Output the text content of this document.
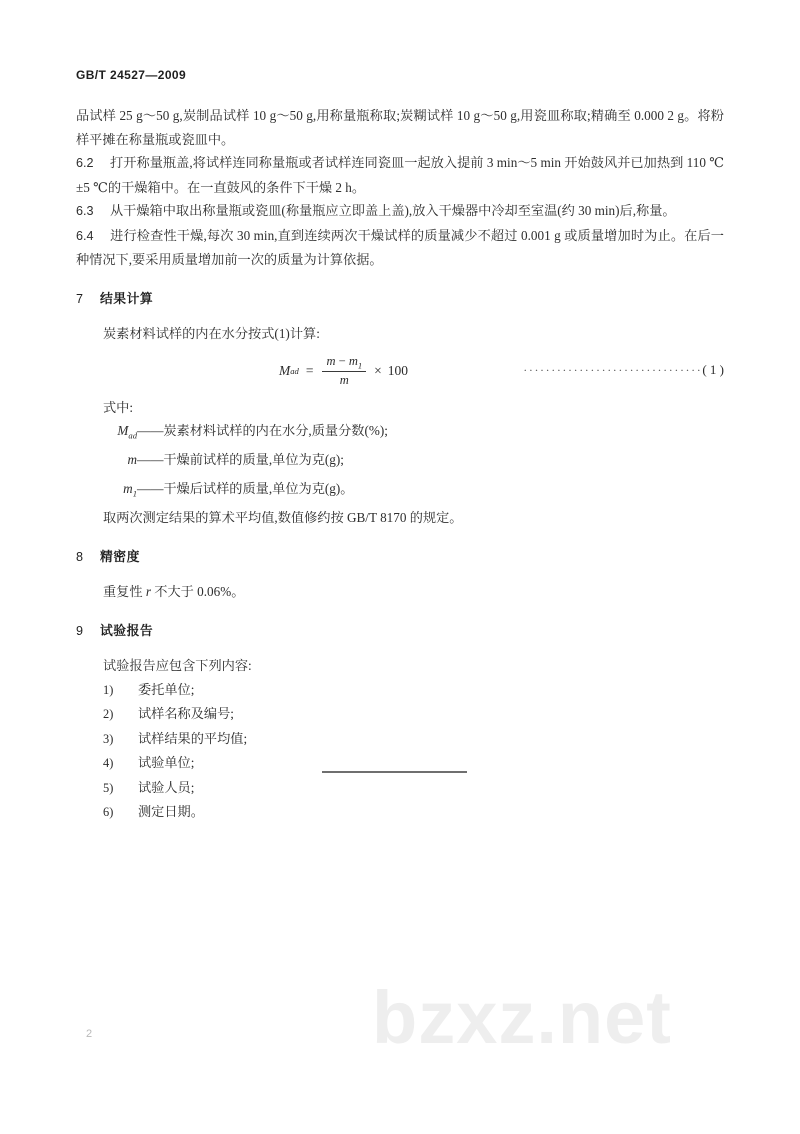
bzxz.net
GB/T 24527—2009

品试样 25 g～50 g,炭制品试样 10 g～50 g,用称量瓶称取;炭糊试样 10 g～50 g,用瓷皿称取;精确至 0.000 2 g。将粉样平摊在称量瓶或瓷皿中。

6.2 打开称量瓶盖,将试样连同称量瓶或者试样连同瓷皿一起放入提前 3 min～5 min 开始鼓风并已加热到 110 ℃±5 ℃的干燥箱中。在一直鼓风的条件下干燥 2 h。

6.3 从干燥箱中取出称量瓶或瓷皿(称量瓶应立即盖上盖),放入干燥器中冷却至室温(约 30 min)后,称量。

6.4 进行检查性干燥,每次 30 min,直到连续两次干燥试样的质量减少不超过 0.001 g 或质量增加时为止。在后一种情况下,要采用质量增加前一次的质量为计算依据。

7 结果计算

炭素材料试样的内在水分按式(1)计算:

M ad = $\frac{m - m_1}{m} \times 100$	································( 1 )
式中:
$M_{ad}$ —— 炭素材料试样的内在水分,质量分数(%);
m —— 干燥前试样的质量,单位为克(g);
$m_1$ —— 干燥后试样的质量,单位为克(g)。

取两次测定结果的算术平均值,数值修约按 GB/T 8170 的规定。

8 精密度

重复性 r 不大于 0.06%。

9 试验报告

试验报告应包含下列内容:

1)	委托单位;
2)	试样名称及编号;
3)	试样结果的平均值;
4)	试验单位;
5)	试验人员;
6)	测定日期。
2
